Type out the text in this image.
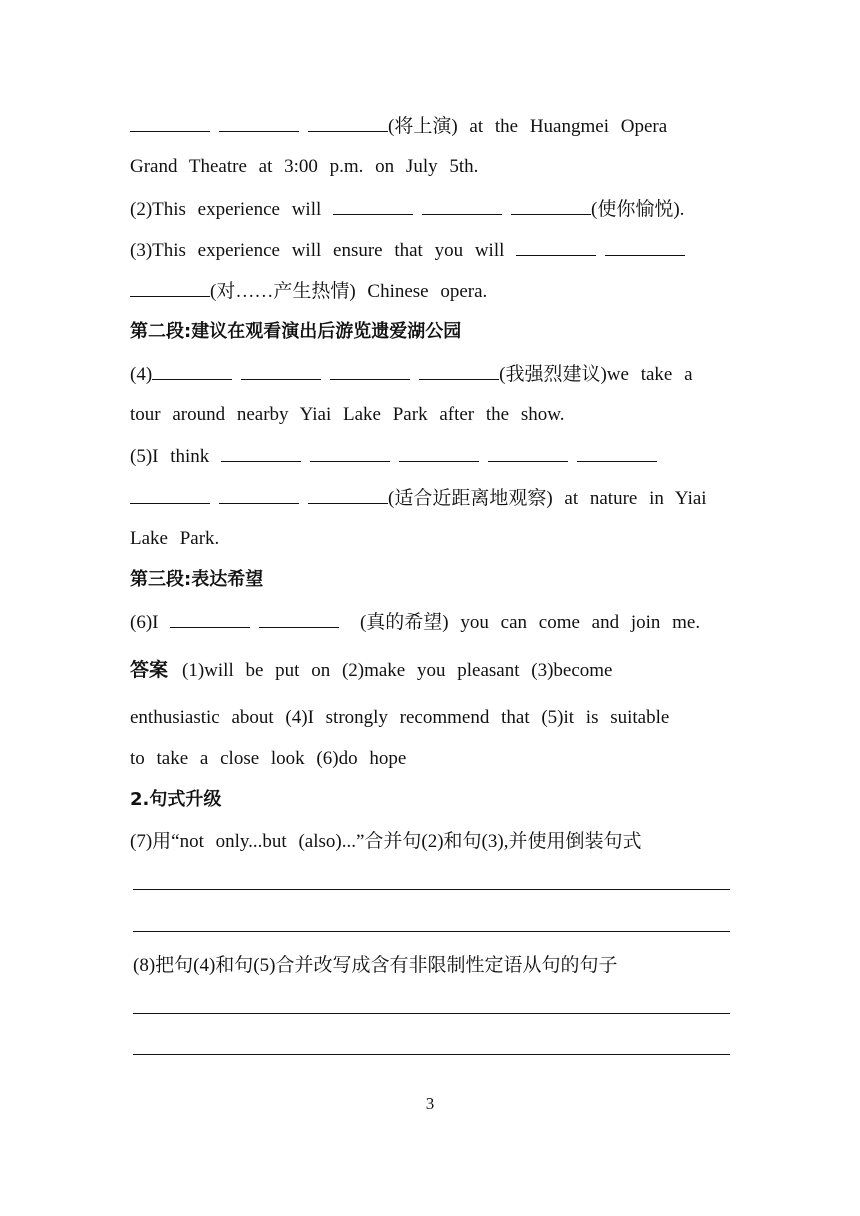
(将上演) at the Huangmei Opera
Grand Theatre at 3:00 p.m. on July 5th.
(2)This experience will	(使你愉悦).
(3)This experience will ensure that you will
(对……产生热情) Chinese opera.
第二段:建议在观看演出后游览遗爱湖公园
(4)	(我强烈建议)we take a
tour around nearby Yiai Lake Park after the show.
(5)I think
(适合近距离地观察) at nature in Yiai
Lake Park.
第三段:表达希望
(6)I	(真的希望) you can come and join me.
答案 (1)will be put on (2)make you pleasant (3)become
enthusiastic about (4)I strongly recommend that (5)it is suitable
to take a close look (6)do hope
2.句式升级
(7)用“not only...but (also)...”合并句(2)和句(3),并使用倒装句式
(8)把句(4)和句(5)合并改写成含有非限制性定语从句的句子
3
